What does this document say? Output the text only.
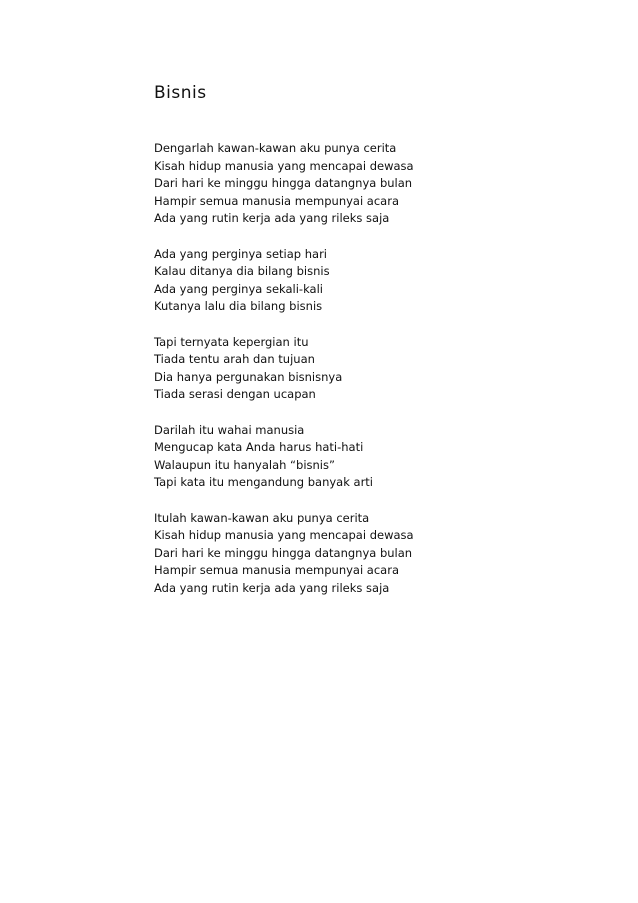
Bisnis
Dengarlah kawan-kawan aku punya cerita
Kisah hidup manusia yang mencapai dewasa
Dari hari ke minggu hingga datangnya bulan
Hampir semua manusia mempunyai acara
Ada yang rutin kerja ada yang rileks saja
Ada yang perginya setiap hari
Kalau ditanya dia bilang bisnis
Ada yang perginya sekali-kali
Kutanya lalu dia bilang bisnis
Tapi ternyata kepergian itu
Tiada tentu arah dan tujuan
Dia hanya pergunakan bisnisnya
Tiada serasi dengan ucapan
Darilah itu wahai manusia
Mengucap kata Anda harus hati-hati
Walaupun itu hanyalah “bisnis”
Tapi kata itu mengandung banyak arti
Itulah kawan-kawan aku punya cerita
Kisah hidup manusia yang mencapai dewasa
Dari hari ke minggu hingga datangnya bulan
Hampir semua manusia mempunyai acara
Ada yang rutin kerja ada yang rileks saja
